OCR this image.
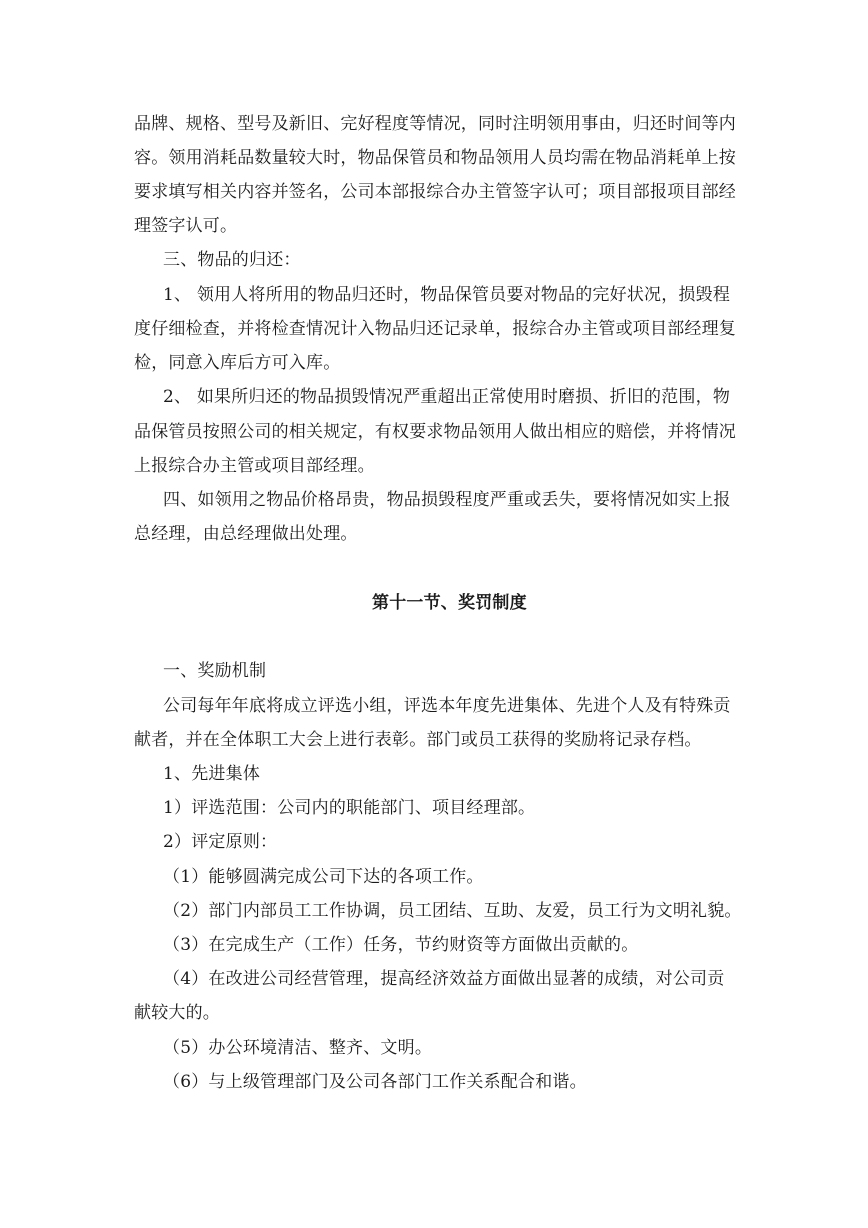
品牌、规格、型号及新旧、完好程度等情况，同时注明领用事由，归还时间等内
容。领用消耗品数量较大时，物品保管员和物品领用人员均需在物品消耗单上按
要求填写相关内容并签名，公司本部报综合办主管签字认可；项目部报项目部经
理签字认可。
三、物品的归还：
1、 领用人将所用的物品归还时，物品保管员要对物品的完好状况，损毁程
度仔细检查，并将检查情况计入物品归还记录单，报综合办主管或项目部经理复
检，同意入库后方可入库。
2、 如果所归还的物品损毁情况严重超出正常使用时磨损、折旧的范围，物
品保管员按照公司的相关规定，有权要求物品领用人做出相应的赔偿，并将情况
上报综合办主管或项目部经理。
四、如领用之物品价格昂贵，物品损毁程度严重或丢失，要将情况如实上报
总经理，由总经理做出处理。
第十一节、奖罚制度
一、奖励机制
公司每年年底将成立评选小组，评选本年度先进集体、先进个人及有特殊贡
献者，并在全体职工大会上进行表彰。部门或员工获得的奖励将记录存档。
1、先进集体
1）评选范围：公司内的职能部门、项目经理部。
2）评定原则：
（1）能够圆满完成公司下达的各项工作。
（2）部门内部员工工作协调，员工团结、互助、友爱，员工行为文明礼貌。
（3）在完成生产（工作）任务，节约财资等方面做出贡献的。
（4）在改进公司经营管理，提高经济效益方面做出显著的成绩，对公司贡
献较大的。
（5）办公环境清洁、整齐、文明。
（6）与上级管理部门及公司各部门工作关系配合和谐。
